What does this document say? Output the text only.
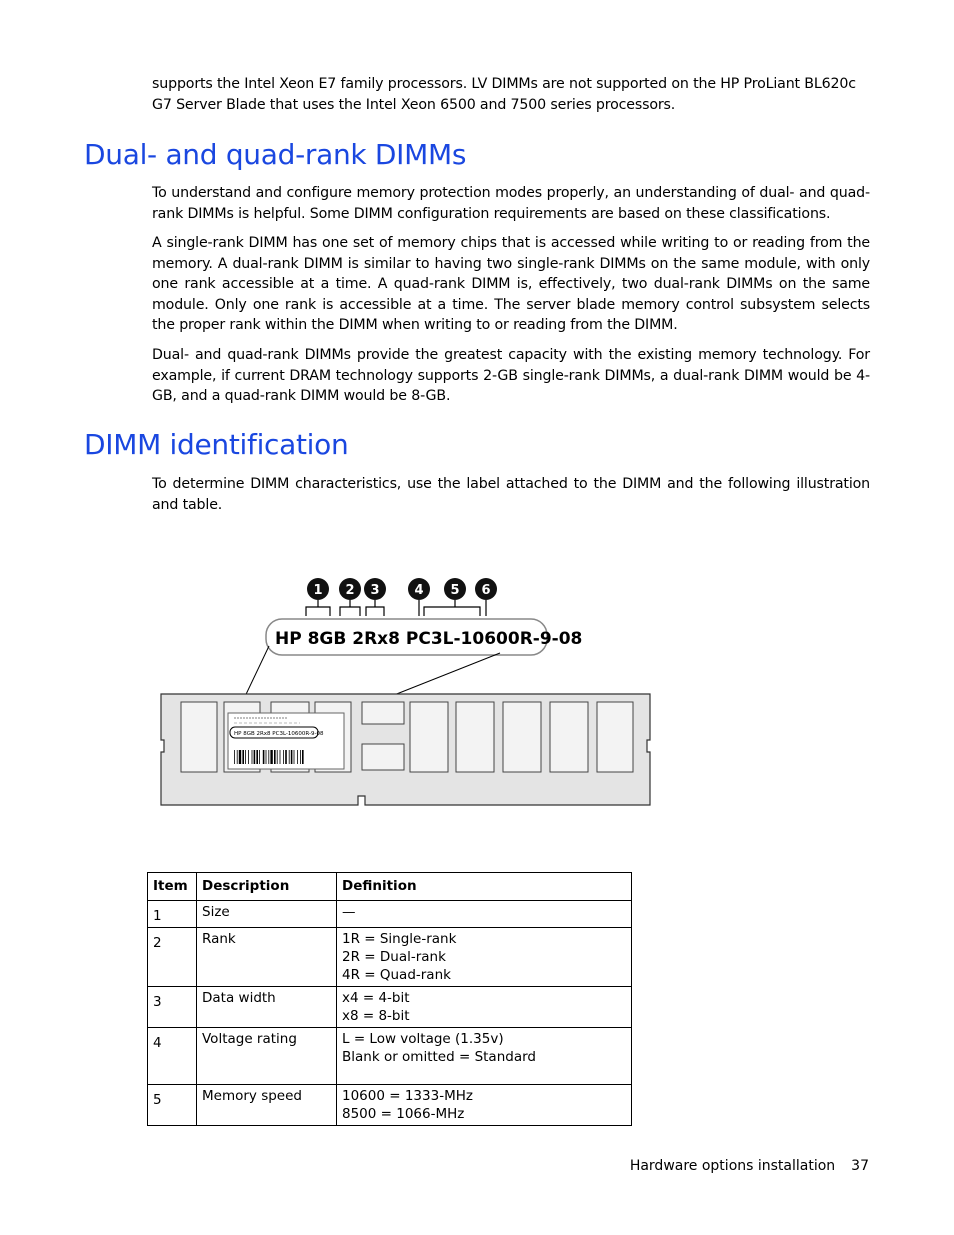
supports the Intel Xeon E7 family processors. LV DIMMs are not supported on the HP ProLiant BL620c G7 Server Blade that uses the Intel Xeon 6500 and 7500 series processors.

Dual- and quad-rank DIMMs

To understand and configure memory protection modes properly, an understanding of dual- and quad-rank DIMMs is helpful. Some DIMM configuration requirements are based on these classifications.

A single-rank DIMM has one set of memory chips that is accessed while writing to or reading from the memory. A dual-rank DIMM is similar to having two single-rank DIMMs on the same module, with only one rank accessible at a time. A quad-rank DIMM is, effectively, two dual-rank DIMMs on the same module. Only one rank is accessible at a time. The server blade memory control subsystem selects the proper rank within the DIMM when writing to or reading from the DIMM.

Dual- and quad-rank DIMMs provide the greatest capacity with the existing memory technology. For example, if current DRAM technology supports 2-GB single-rank DIMMs, a dual-rank DIMM would be 4-GB, and a quad-rank DIMM would be 8-GB.

DIMM identification

To determine DIMM characteristics, use the label attached to the DIMM and the following illustration and table.

1 2 3	4 5 6
HP 8GB 2Rx8 PC3L-10600R-9-08
HP 8GB 2Rx8 PC3L-10600R-9-08
Item	Description	Definition
1	Size	—

2	Rank	1R = Single-rank
2R = Dual-rank
4R = Quad-rank

3	Data width	x4 = 4-bit
x8 = 8-bit

4	Voltage rating	L = Low voltage (1.35v)
Blank or omitted = Standard

5	Memory speed	10600 = 1333-MHz
8500 = 1066-MHz
Hardware options installation 37
